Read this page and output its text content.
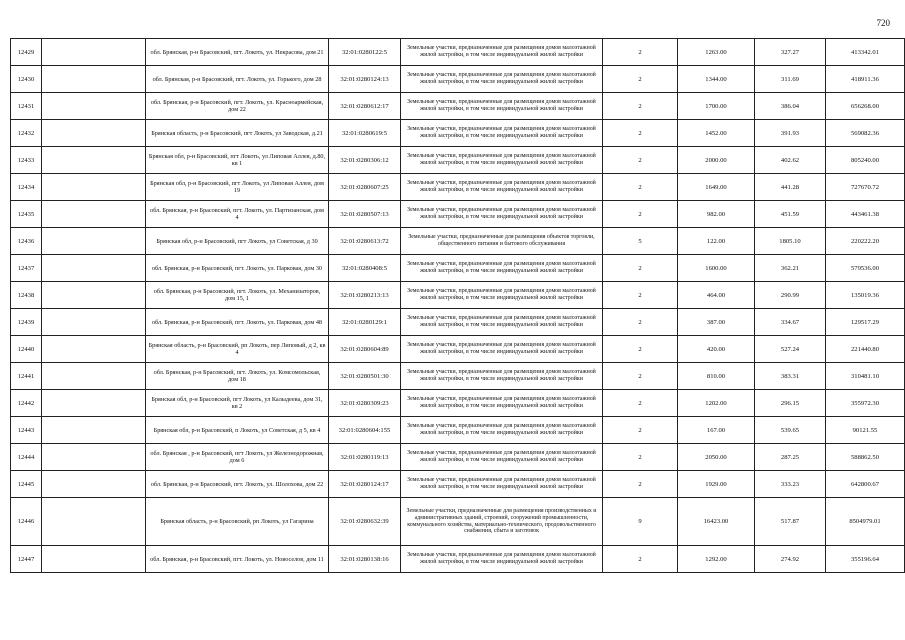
720
12429		обл. Брянская, р-н Брасовский, пгт. Локоть, ул. Некрасова, дом 21	32:01:0280122:5	Земельные участки, предназначенные для размещения домов малоэтажной жилой застройки, в том числе индивидуальной жилой застройки	2	1263.00	327.27	413342.01
12430		обл. Брянская, р-н Брасовский, пгт. Локоть, ул. Горького, дом 28	32:01:0280124:13	Земельные участки, предназначенные для размещения домов малоэтажной жилой застройки, в том числе индивидуальной жилой застройки	2	1344.00	311.69	418911.36
12431		обл. Брянская, р-н Брасовский, пгт. Локоть, ул. Красноармейская, дом 22	32:01:0280612:17	Земельные участки, предназначенные для размещения домов малоэтажной жилой застройки, в том числе индивидуальной жилой застройки	2	1700.00	386.04	656268.00
12432		Брянская область, р-н Брасовский, пгт Локоть, ул Заводская, д.21	32:01:0280619:5	Земельные участки, предназначенные для размещения домов малоэтажной жилой застройки, в том числе индивидуальной жилой застройки	2	1452.00	391.93	569082.36
12433		Брянская обл, р-н Брасовский, пгт Локоть, ул Липовая Аллея, д.80, кв 1	32:01:0280306:12	Земельные участки, предназначенные для размещения домов малоэтажной жилой застройки, в том числе индивидуальной жилой застройки	2	2000.00	402.62	805240.00
12434		Брянская обл, р-н Брасовский, пгт Локоть, ул Липовая Аллея, дом 19	32:01:0280607:25	Земельные участки, предназначенные для размещения домов малоэтажной жилой застройки, в том числе индивидуальной жилой застройки	2	1649.00	441.28	727670.72
12435		обл. Брянская, р-н Брасовский, пгт. Локоть, ул. Партизанская, дом 4	32:01:0280507:13	Земельные участки, предназначенные для размещения домов малоэтажной жилой застройки, в том числе индивидуальной жилой застройки	2	982.00	451.59	443461.38
12436		Брянская обл, р-н Брасовский, пгт Локоть, ул Советская, д 30	32:01:0280613:72	Земельные участки, предназначенные для размещения объектов торговли, общественного питания и бытового обслуживания	5	122.00	1805.10	220222.20
12437		обл. Брянская, р-н Брасовский, пгт. Локоть, ул. Парковая, дом 30	32:01:0280408:5	Земельные участки, предназначенные для размещения домов малоэтажной жилой застройки, в том числе индивидуальной жилой застройки	2	1600.00	362.21	579536.00
12438		обл. Брянская, р-н Брасовский, пгт. Локоть, ул. Механизаторов, дом 15, 1	32:01:0280213:13	Земельные участки, предназначенные для размещения домов малоэтажной жилой застройки, в том числе индивидуальной жилой застройки	2	464.00	290.99	135019.36
12439		обл. Брянская, р-н Брасовский, пгт. Локоть, ул. Парковая, дом 48	32:01:0280129:1	Земельные участки, предназначенные для размещения домов малоэтажной жилой застройки, в том числе индивидуальной жилой застройки	2	387.00	334.67	129517.29
12440		Брянская область, р-н Брасовский, рп Локоть, пер Липовый, д 2, кв 4	32:01:0280604:89	Земельные участки, предназначенные для размещения домов малоэтажной жилой застройки, в том числе индивидуальной жилой застройки	2	420.00	527.24	221440.80
12441		обл. Брянская, р-н Брасовский, пгт. Локоть, ул. Комсомольская, дом 18	32:01:0280501:30	Земельные участки, предназначенные для размещения домов малоэтажной жилой застройки, в том числе индивидуальной жилой застройки	2	810.00	383.31	310481.10
12442		Брянская обл, р-н Брасовский, пгт Локоть, ул Калыдеева, дом 31, кв 2	32:01:0280309:23	Земельные участки, предназначенные для размещения домов малоэтажной жилой застройки, в том числе индивидуальной жилой застройки	2	1202.00	296.15	355972.30
12443		Брянская обл, р-н Брасовский, п Локоть, ул Советская, д 5, кв 4	32:01:0280604:155	Земельные участки, предназначенные для размещения домов малоэтажной жилой застройки, в том числе индивидуальной жилой застройки	2	167.00	539.65	90121.55
12444		обл. Брянская , р-н Брасовский, пгт Локоть, ул Железнодорожная, дом 6	32:01:0280119:13	Земельные участки, предназначенные для размещения домов малоэтажной жилой застройки, в том числе индивидуальной жилой застройки	2	2050.00	287.25	588862.50
12445		обл. Брянская, р-н Брасовский, пгт. Локоть, ул. Шолохова, дом 22	32:01:0280124:17	Земельные участки, предназначенные для размещения домов малоэтажной жилой застройки, в том числе индивидуальной жилой застройки	2	1929.00	333.23	642800.67
12446		Брянская область, р-н Брасовский, рп Локоть, ул Гагарина	32:01:0280632:39	Земельные участки, предназначенные для размещения производственных и административных зданий, строений, сооружений промышленности, коммунального хозяйства, материально-технического, продовольственного снабжения, сбыта и заготовок	9	16423.00	517.87	8504979.01
12447		обл. Брянская, р-н Брасовский, пгт. Локоть, ул. Новоселов, дом 11	32:01:0280138:16	Земельные участки, предназначенные для размещения домов малоэтажной жилой застройки, в том числе индивидуальной жилой застройки	2	1292.00	274.92	355196.64
